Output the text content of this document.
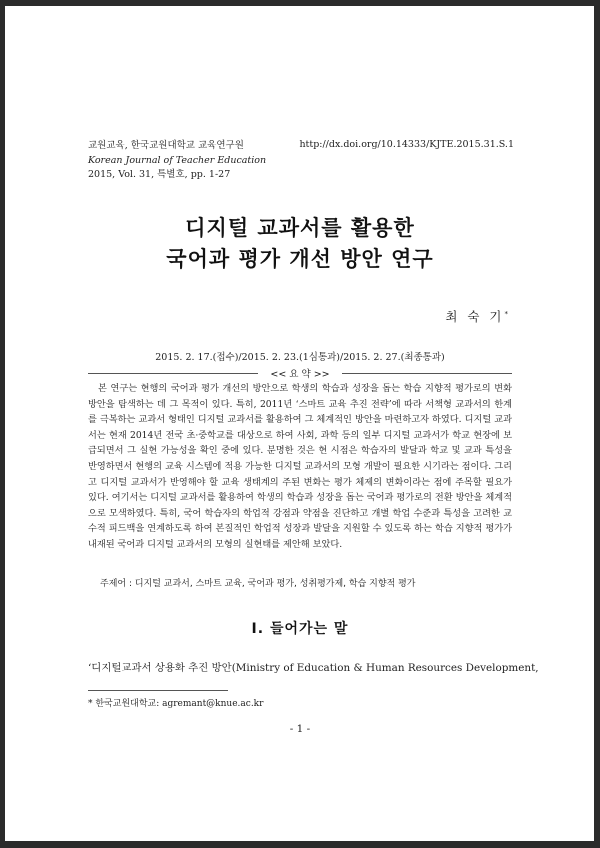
교원교육, 한국교원대학교 교육연구원
Korean Journal of Teacher Education
2015, Vol. 31, 특별호, pp. 1-27
http://dx.doi.org/10.14333/KJTE.2015.31.S.1
디지털 교과서를 활용한
국어과 평가 개선 방안 연구
최 숙 기*
2015. 2. 17.(접수)/2015. 2. 23.(1심통과)/2015. 2. 27.(최종통과)
<< 요 약 >>

본 연구는 현행의 국어과 평가 개선의 방안으로 학생의 학습과 성장을 돕는 학습 지향적 평가로의 변화 방안을 탐색하는 데 그 목적이 있다. 특히, 2011년 ‘스마트 교육 추진 전략’에 따라 서책형 교과서의 한계를 극복하는 교과서 형태인 디지털 교과서를 활용하여 그 체계적인 방안을 마련하고자 하였다. 디지털 교과서는 현재 2014년 전국 초·중학교를 대상으로 하여 사회, 과학 등의 일부 디지털 교과서가 학교 현장에 보급되면서 그 실현 가능성을 확인 중에 있다. 분명한 것은 현 시점은 학습자의 발달과 학교 및 교과 특성을 반영하면서 현행의 교육 시스템에 적용 가능한 디지털 교과서의 모형 개발이 필요한 시기라는 점이다. 그리고 디지털 교과서가 반영해야 할 교육 생태계의 주된 변화는 평가 체제의 변화이라는 점에 주목할 필요가 있다. 여기서는 디지털 교과서를 활용하여 학생의 학습과 성장을 돕는 국어과 평가로의 전환 방안을 체계적으로 모색하였다. 특히, 국어 학습자의 학업적 강점과 약점을 진단하고 개별 학업 수준과 특성을 고려한 교수적 피드백을 연계하도록 하여 본질적인 학업적 성장과 발달을 지원할 수 있도록 하는 학습 지향적 평가가 내재된 국어과 디지털 교과서의 모형의 실현태를 제안해 보았다.

주제어 : 디지털 교과서, 스마트 교육, 국어과 평가, 성취평가제, 학습 지향적 평가
Ⅰ. 들어가는 말

‘디지털교과서 상용화 추진 방안(Ministry of Education & Human Resources Development,

* 한국교원대학교: agremant@knue.ac.kr
- 1 -
